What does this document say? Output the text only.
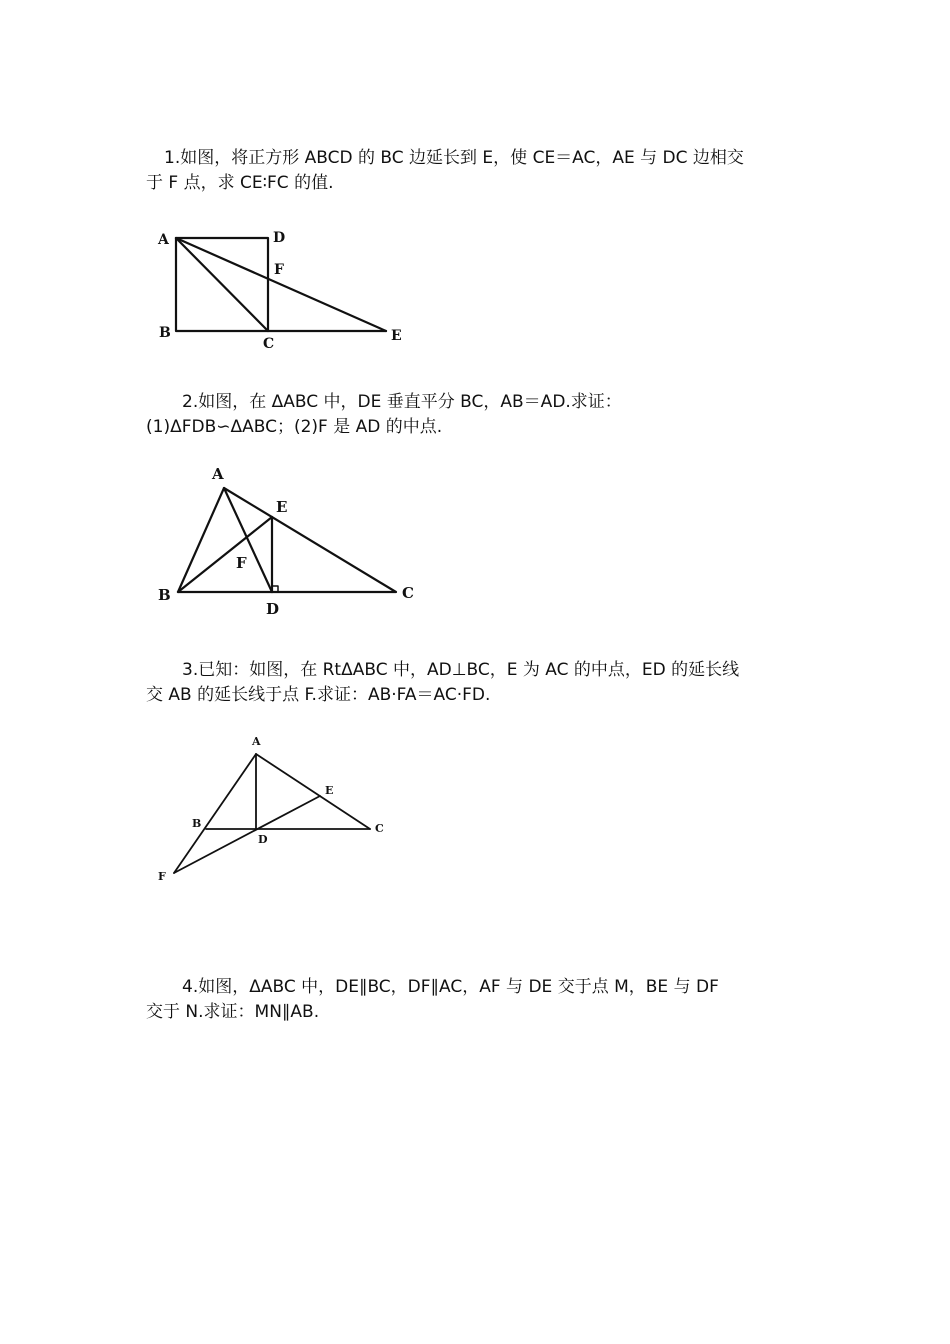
1.如图，将正方形 ABCD 的 BC 边延长到 E，使 CE＝AC，AE 与 DC 边相交

于 F 点，求 CE∶FC 的值.

A	D
F
B
C	E

2.如图，在 ΔABC 中，DE 垂直平分 BC，AB＝AD.求证：

(1)ΔFDB∽ΔABC；(2)F 是 AD 的中点.

A
E
F
B
D
C

3.已知：如图，在 RtΔABC 中，AD⊥BC，E 为 AC 的中点，ED 的延长线

交 AB 的延长线于点 F.求证：AB·FA＝AC·FD.

A
E
B
D
C
F

4.如图，ΔABC 中，DE∥BC，DF∥AC，AF 与 DE 交于点 M，BE 与 DF

交于 N.求证：MN∥AB.
